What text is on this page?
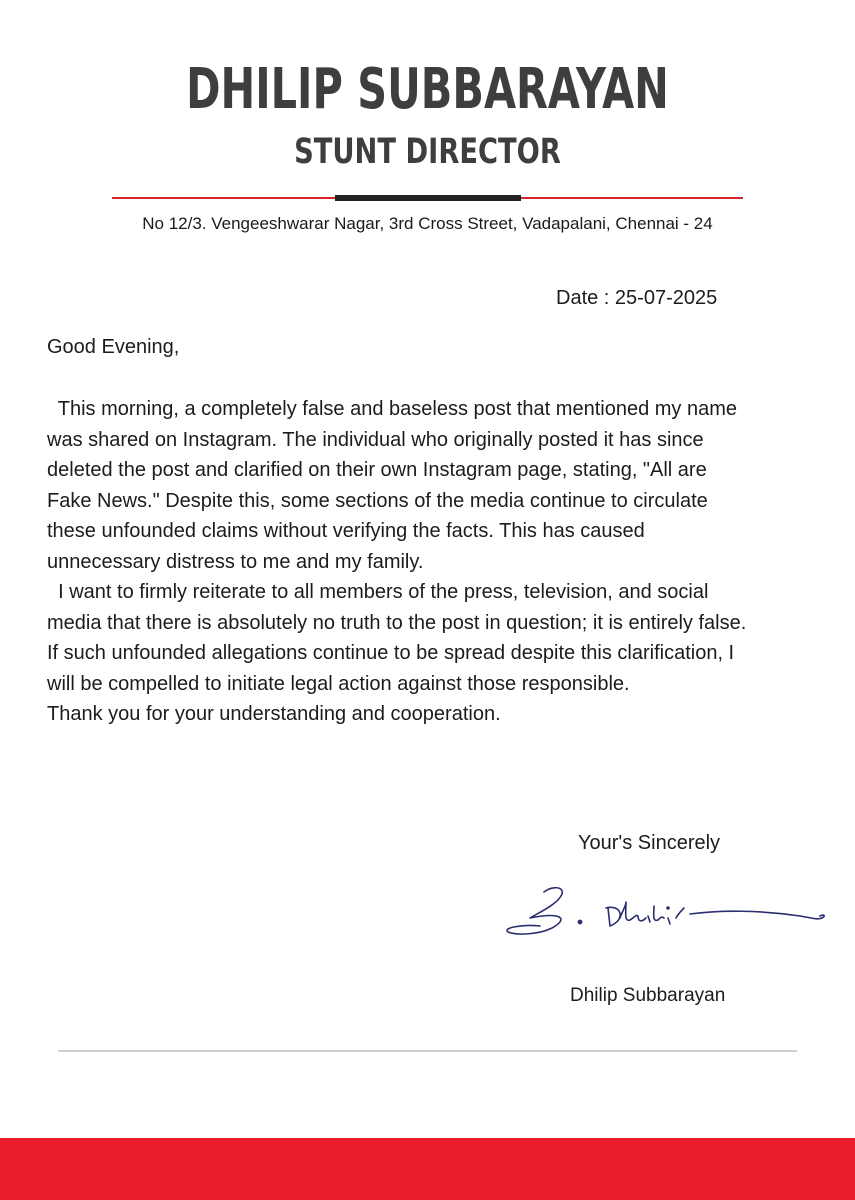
DHILIP SUBBARAYAN
STUNT DIRECTOR
No 12/3. Vengeeshwarar Nagar, 3rd Cross Street, Vadapalani, Chennai - 24
Date : 25-07-2025
Good Evening,
This morning, a completely false and baseless post that mentioned my name
was shared on Instagram. The individual who originally posted it has since
deleted the post and clarified on their own Instagram page, stating, "All are
Fake News." Despite this, some sections of the media continue to circulate
these unfounded claims without verifying the facts. This has caused
unnecessary distress to me and my family.
I want to firmly reiterate to all members of the press, television, and social
media that there is absolutely no truth to the post in question; it is entirely false.
If such unfounded allegations continue to be spread despite this clarification, I
will be compelled to initiate legal action against those responsible.
Thank you for your understanding and cooperation.
Your's Sincerely
Dhilip Subbarayan
